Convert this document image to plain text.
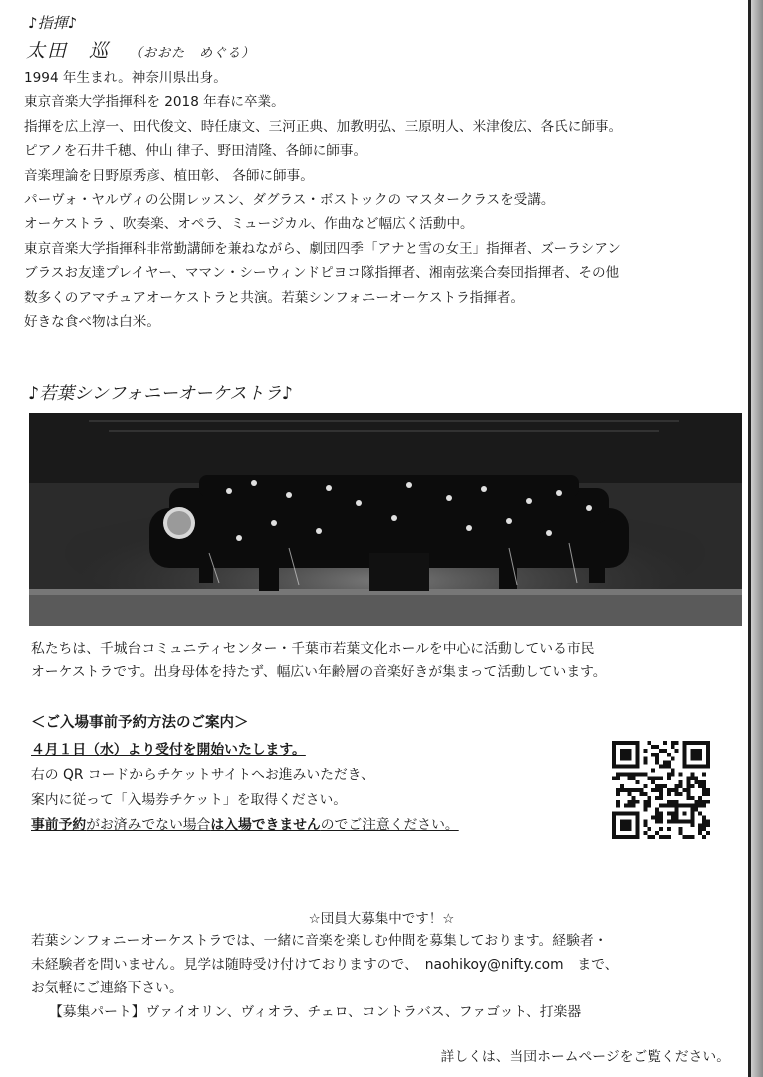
♪指揮♪
太田　巡 （おおた　めぐる）

1994 年生まれ。神奈川県出身。

東京音楽大学指揮科を 2018 年春に卒業。

指揮を広上淳一、田代俊文、時任康文、三河正典、加教明弘、三原明人、米津俊広、各氏に師事。

ピアノを石井千穂、仲山 律子、野田清隆、各師に師事。

音楽理論を日野原秀彦、植田彰、 各師に師事。

パーヴォ・ヤルヴィの公開レッスン、ダグラス・ボストックの マスタークラスを受講。

オーケストラ 、吹奏楽、オペラ、ミュージカル、作曲など幅広く活動中。

東京音楽大学指揮科非常勤講師を兼ねながら、劇団四季「アナと雪の女王」指揮者、ズーラシアン

ブラスお友達プレイヤー、ママン・シーウィンドピヨコ隊指揮者、湘南弦楽合奏団指揮者、その他

数多くのアマチュアオーケストラと共演。若葉シンフォニーオーケストラ指揮者。

好きな食べ物は白米。

♪若葉シンフォニーオーケストラ♪

私たちは、千城台コミュニティセンター・千葉市若葉文化ホールを中心に活動している市民

オーケストラです。出身母体を持たず、幅広い年齢層の音楽好きが集まって活動しています。

＜ご入場事前予約方法のご案内＞

４月１日（水）より受付を開始いたします。

右の QR コードからチケットサイトへお進みいただき、

案内に従って「入場券チケット」を取得ください。

事前予約がお済みでない場合は入場できませんのでご注意ください。

☆団員大募集中です！☆

若葉シンフォニーオーケストラでは、一緒に音楽を楽しむ仲間を募集しております。経験者・

未経験者を問いません。見学は随時受け付けておりますので、　naohikoy@nifty.com　まで、

お気軽にご連絡下さい。

【募集パート】ヴァイオリン、ヴィオラ、チェロ、コントラバス、ファゴット、打楽器
詳しくは、当団ホームページをご覧ください。
